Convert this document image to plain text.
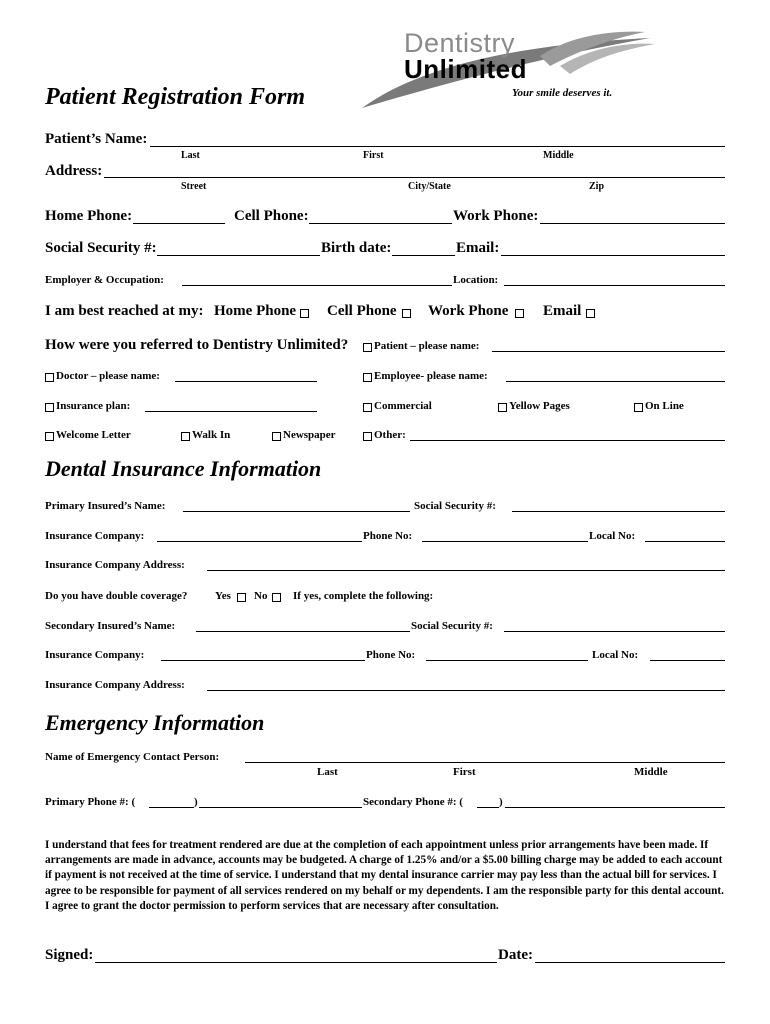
Dentistry
Unlimited
Your smile deserves it.
Patient Registration Form
Patient’s Name:
Last	First	Middle
Address:
Street	City/State	Zip
Home Phone:	Cell Phone:	Work Phone:
Social Security #:	Birth date:	Email:
Employer & Occupation:	Location:
I am best reached at my: Home Phone Cell Phone Work Phone Email
How were you referred to Dentistry Unlimited? Patient – please name:
Doctor – please name:	Employee- please name:
Insurance plan:	Commercial	Yellow Pages	On Line
Welcome Letter	Walk In	Newspaper	Other:
Dental Insurance Information
Primary Insured’s Name:	Social Security #:
Insurance Company:	Phone No:	Local No:
Insurance Company Address:
Do you have double coverage?	Yes No If yes, complete the following:
Secondary Insured’s Name:	Social Security #:
Insurance Company:	Phone No:	Local No:
Insurance Company Address:
Emergency Information
Name of Emergency Contact Person:
Last	First	Middle
Primary Phone #: (	)	Secondary Phone #: (	)

I understand that fees for treatment rendered are due at the completion of each appointment unless prior arrangements have been made. If arrangements are made in advance, accounts may be budgeted. A charge of 1.25% and/or a $5.00 billing charge may be added to each account if payment is not received at the time of service. I understand that my dental insurance carrier may pay less than the actual bill for services. I agree to be responsible for payment of all services rendered on my behalf or my dependents. I am the responsible party for this dental account. I agree to grant the doctor permission to perform services that are necessary after consultation.

Signed:	Date:
